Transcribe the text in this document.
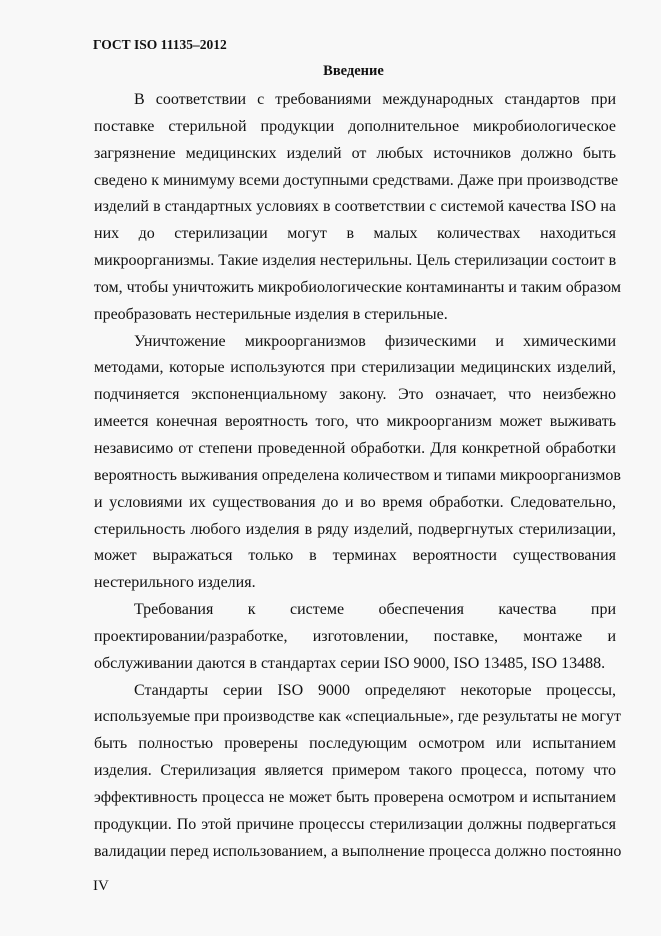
ГОСТ ISO 11135–2012
Введение
В соответствии с требованиями международных стандартов при
поставке стерильной продукции дополнительное микробиологическое
загрязнение медицинских изделий от любых источников должно быть
сведено к минимуму всеми доступными средствами. Даже при производстве
изделий в стандартных условиях в соответствии с системой качества ISO на
них до стерилизации могут в малых количествах находиться
микроорганизмы. Такие изделия нестерильны. Цель стерилизации состоит в
том, чтобы уничтожить микробиологические контаминанты и таким образом
преобразовать нестерильные изделия в стерильные.
Уничтожение микроорганизмов физическими и химическими
методами, которые используются при стерилизации медицинских изделий,
подчиняется экспоненциальному закону. Это означает, что неизбежно
имеется конечная вероятность того, что микроорганизм может выживать
независимо от степени проведенной обработки. Для конкретной обработки
вероятность выживания определена количеством и типами микроорганизмов
и условиями их существования до и во время обработки. Следовательно,
стерильность любого изделия в ряду изделий, подвергнутых стерилизации,
может выражаться только в терминах вероятности существования
нестерильного изделия.
Требования к системе обеспечения качества при
проектировании/разработке, изготовлении, поставке, монтаже и
обслуживании даются в стандартах серии ISO 9000, ISO 13485, ISO 13488.
Стандарты серии ISO 9000 определяют некоторые процессы,
используемые при производстве как «специальные», где результаты не могут
быть полностью проверены последующим осмотром или испытанием
изделия. Стерилизация является примером такого процесса, потому что
эффективность процесса не может быть проверена осмотром и испытанием
продукции. По этой причине процессы стерилизации должны подвергаться
валидации перед использованием, а выполнение процесса должно постоянно
IV
